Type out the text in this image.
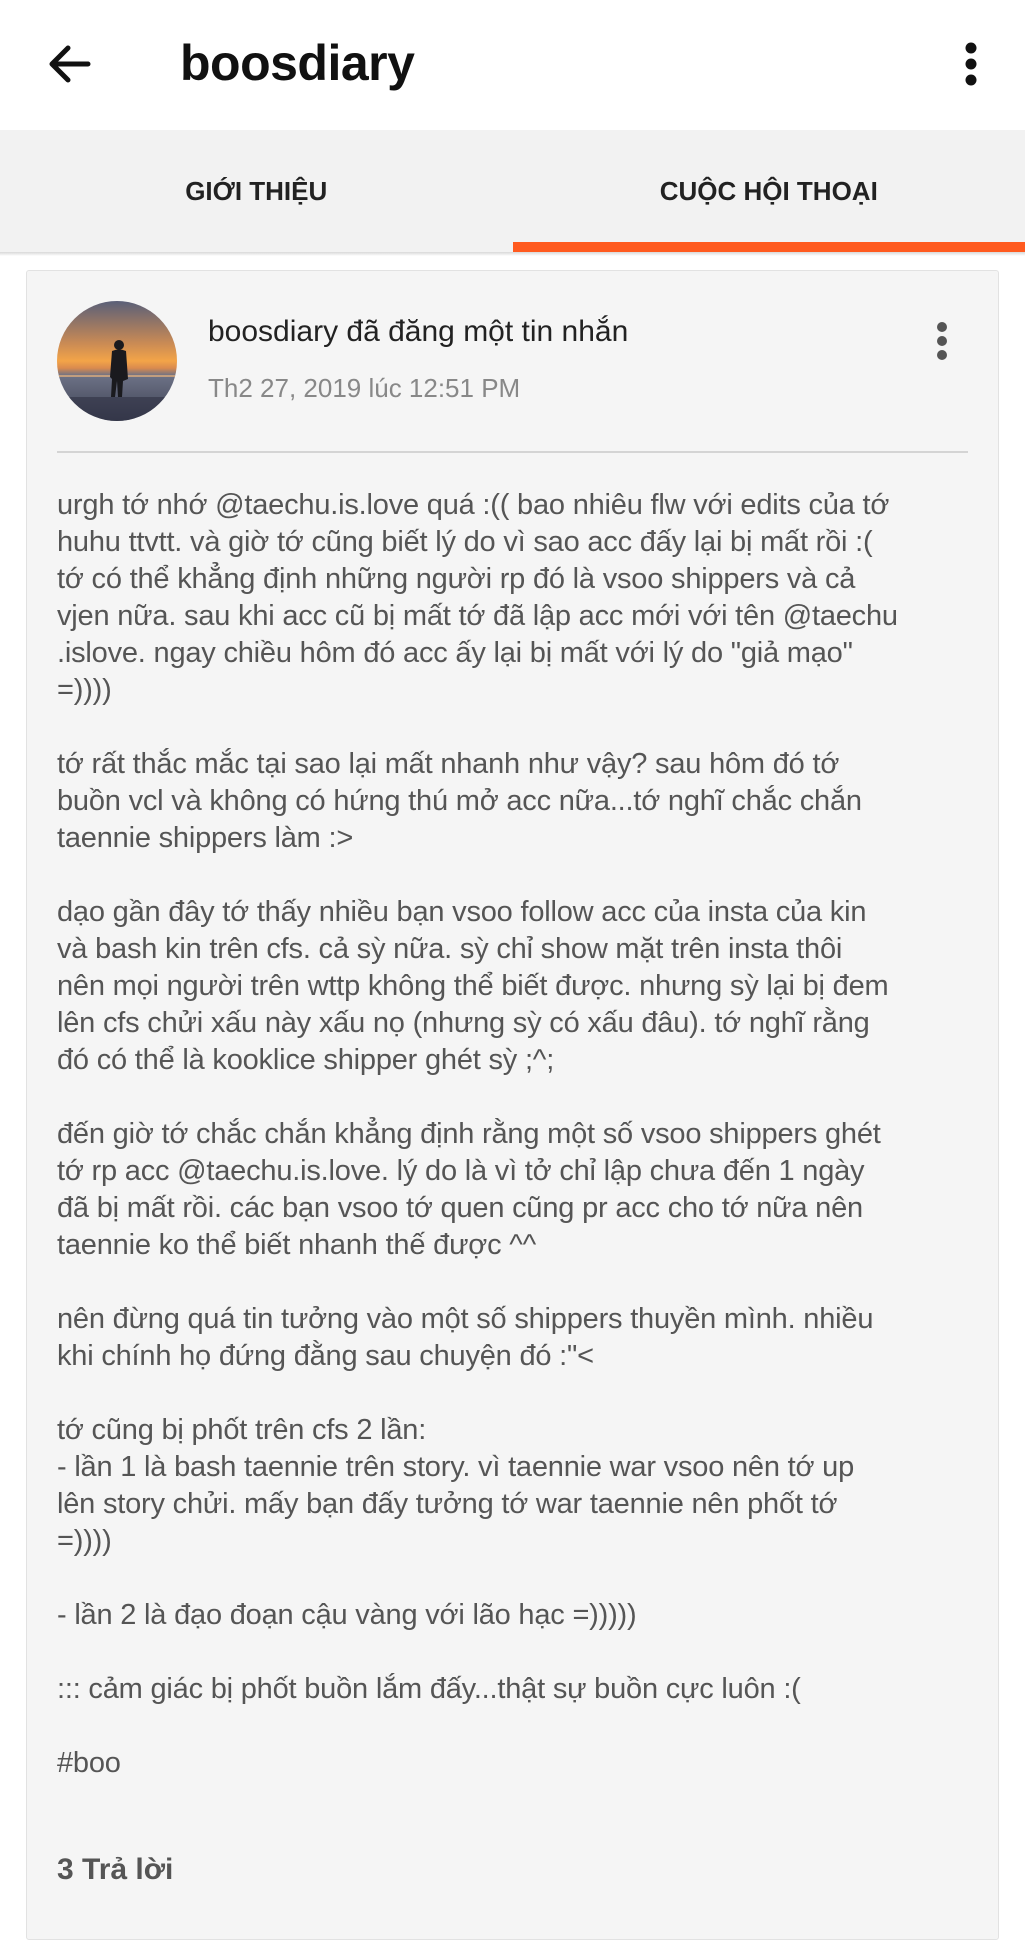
boosdiary
GIỚI THIỆU	CUỘC HỘI THOẠI
boosdiary đã đăng một tin nhắn
Th2 27, 2019 lúc 12:51 PM

urgh tớ nhớ @taechu.is.love quá :(( bao nhiêu flw với edits của tớ
huhu ttvtt. và giờ tớ cũng biết lý do vì sao acc đấy lại bị mất rồi :(
tớ có thể khẳng định những người rp đó là vsoo shippers và cả
vjen nữa. sau khi acc cũ bị mất tớ đã lập acc mới với tên @taechu
.islove. ngay chiều hôm đó acc ấy lại bị mất với lý do "giả mạo"
=))))

tớ rất thắc mắc tại sao lại mất nhanh như vậy? sau hôm đó tớ
buồn vcl và không có hứng thú mở acc nữa...tớ nghĩ chắc chắn
taennie shippers làm :>

dạo gần đây tớ thấy nhiều bạn vsoo follow acc của insta của kin
và bash kin trên cfs. cả sỳ nữa. sỳ chỉ show mặt trên insta thôi
nên mọi người trên wttp không thể biết được. nhưng sỳ lại bị đem
lên cfs chửi xấu này xấu nọ (nhưng sỳ có xấu đâu). tớ nghĩ rằng
đó có thể là kooklice shipper ghét sỳ ;^;

đến giờ tớ chắc chắn khẳng định rằng một số vsoo shippers ghét
tớ rp acc @taechu.is.love. lý do là vì tở chỉ lập chưa đến 1 ngày
đã bị mất rồi. các bạn vsoo tớ quen cũng pr acc cho tớ nữa nên
taennie ko thể biết nhanh thế được ^^

nên đừng quá tin tưởng vào một số shippers thuyền mình. nhiều
khi chính họ đứng đằng sau chuyện đó :"<

tớ cũng bị phốt trên cfs 2 lần:
- lần 1 là bash taennie trên story. vì taennie war vsoo nên tớ up
lên story chửi. mấy bạn đấy tưởng tớ war taennie nên phốt tớ
=))))

- lần 2 là đạo đoạn cậu vàng với lão hạc =)))))

::: cảm giác bị phốt buồn lắm đấy...thật sự buồn cực luôn :(

#boo

3 Trả lời
